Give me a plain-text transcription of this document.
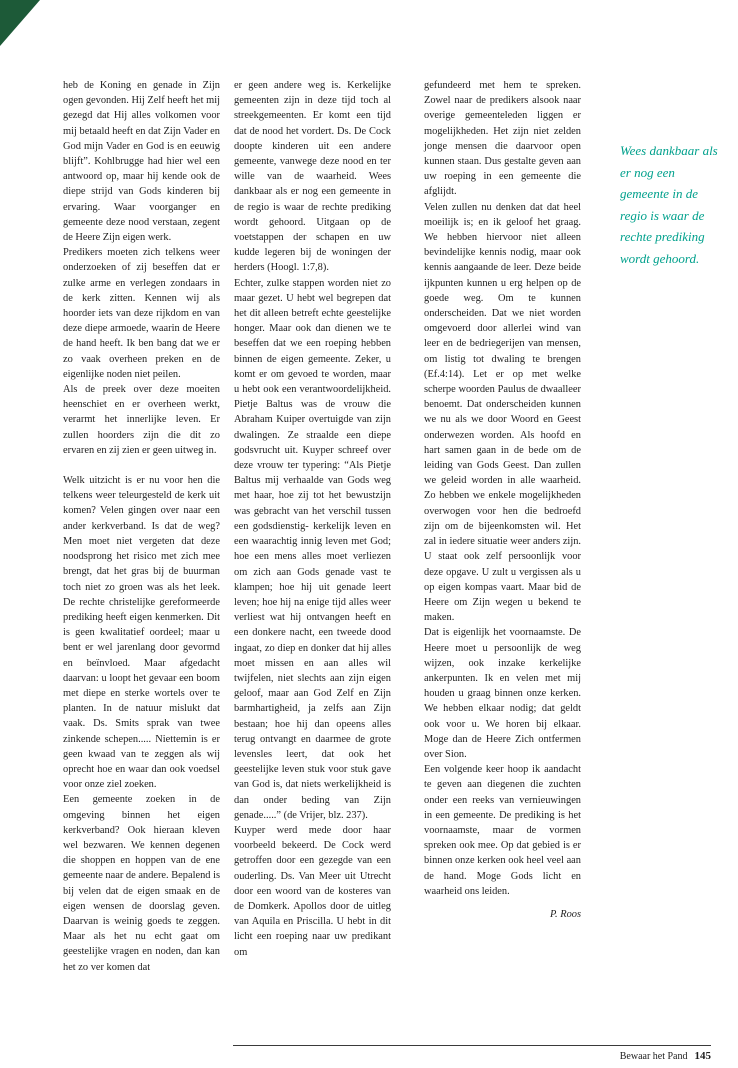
heb de Koning en genade in Zijn ogen gevonden. Hij Zelf heeft het mij gezegd dat Hij alles volkomen voor mij betaald heeft en dat Zijn Vader en God mijn Vader en God is en eeuwig blijft”. Kohlbrugge had hier wel een antwoord op, maar hij kende ook de diepe strijd van Gods kinderen bij ervaring. Waar voorganger en gemeente deze nood verstaan, zegent de Heere Zijn eigen werk.

Predikers moeten zich telkens weer onderzoeken of zij beseffen dat er zulke arme en verlegen zondaars in de kerk zitten. Kennen wij als hoorder iets van deze rijkdom en van deze diepe armoede, waarin de Heere de hand heeft. Ik ben bang dat we er zo vaak overheen preken en de eigenlijke noden niet peilen.

Als de preek over deze moeiten heenschiet en er overheen werkt, verarmt het innerlijke leven. Er zullen hoorders zijn die dit zo ervaren en zij zien er geen uitweg in.

Welk uitzicht is er nu voor hen die telkens weer teleurgesteld de kerk uit komen? Velen gingen over naar een ander kerkverband. Is dat de weg? Men moet niet vergeten dat deze noodsprong het risico met zich mee brengt, dat het gras bij de buurman toch niet zo groen was als het leek. De rechte christelijke gereformeerde prediking heeft eigen kenmerken. Dit is geen kwalitatief oordeel; maar u bent er wel jarenlang door gevormd en beïnvloed. Maar afgedacht daarvan: u loopt het gevaar een boom met diepe en sterke wortels over te planten. In de natuur mislukt dat vaak. Ds. Smits sprak van twee zinkende schepen..... Niettemin is er geen kwaad van te zeggen als wij oprecht hoe en waar dan ook voedsel voor onze ziel zoeken.

Een gemeente zoeken in de omgeving binnen het eigen kerkverband? Ook hieraan kleven wel bezwaren. We kennen degenen die shoppen en hoppen van de ene gemeente naar de andere. Bepalend is bij velen dat de eigen smaak en de eigen wensen de doorslag geven. Daarvan is weinig goeds te zeggen. Maar als het nu echt gaat om geestelijke vragen en noden, dan kan het zo ver komen dat

er geen andere weg is. Kerkelijke gemeenten zijn in deze tijd toch al streekgemeenten. Er komt een tijd dat de nood het vordert. Ds. De Cock doopte kinderen uit een andere gemeente, vanwege deze nood en ter wille van de waarheid. Wees dankbaar als er nog een gemeente in de regio is waar de rechte prediking wordt gehoord. Uitgaan op de voetstappen der schapen en uw kudde legeren bij de woningen der herders (Hoogl. 1:7,8).

Echter, zulke stappen worden niet zo maar gezet. U hebt wel begrepen dat het dit alleen betreft echte geestelijke honger. Maar ook dan dienen we te beseffen dat we een roeping hebben binnen de eigen gemeente. Zeker, u komt er om gevoed te worden, maar u hebt ook een verantwoordelijkheid. Pietje Baltus was de vrouw die Abraham Kuiper overtuigde van zijn dwalingen. Ze straalde een diepe godsvrucht uit. Kuyper schreef over deze vrouw ter typering: “Als Pietje Baltus mij verhaalde van Gods weg met haar, hoe zij tot het bewustzijn was gebracht van het verschil tussen een godsdienstig- kerkelijk leven en een waarachtig innig leven met God; hoe een mens alles moet verliezen om zich aan Gods genade vast te klampen; hoe hij uit genade leert leven; hoe hij na enige tijd alles weer verliest wat hij ontvangen heeft en een donkere nacht, een tweede dood ingaat, zo diep en donker dat hij alles moet missen en aan alles wil twijfelen, niet slechts aan zijn eigen geloof, maar aan God Zelf en Zijn barmhartigheid, ja zelfs aan Zijn bestaan; hoe hij dan opeens alles terug ontvangt en daarmee de grote levensles leert, dat ook het geestelijke leven stuk voor stuk gave van God is, dat niets werkelijkheid is dan onder beding van Zijn genade.....” (de Vrijer, blz. 237).

Kuyper werd mede door haar voorbeeld bekeerd. De Cock werd getroffen door een gezegde van een ouderling. Ds. Van Meer uit Utrecht door een woord van de kosteres van de Domkerk. Apollos door de uitleg van Aquila en Priscilla. U hebt in dit licht een roeping naar uw predikant om

gefundeerd met hem te spreken. Zowel naar de predikers alsook naar overige gemeenteleden liggen er mogelijkheden. Het zijn niet zelden jonge mensen die daarvoor open kunnen staan. Dus gestalte geven aan uw roeping in een gemeente die afglijdt.

Velen zullen nu denken dat dat heel moeilijk is; en ik geloof het graag. We hebben hiervoor niet alleen bevindelijke kennis nodig, maar ook kennis aangaande de leer. Deze beide ijkpunten kunnen u erg helpen op de goede weg. Om te kunnen onderscheiden. Dat we niet worden omgevoerd door allerlei wind van leer en de bedriegerijen van mensen, om listig tot dwaling te brengen (Ef.4:14). Let er op met welke scherpe woorden Paulus de dwaalleer benoemt. Dat onderscheiden kunnen we nu als we door Woord en Geest onderwezen worden. Als hoofd en hart samen gaan in de bede om de leiding van Gods Geest. Dan zullen we geleid worden in alle waarheid. Zo hebben we enkele mogelijkheden overwogen voor hen die bedroefd zijn om de bijeenkomsten wil. Het zal in iedere situatie weer anders zijn. U staat ook zelf persoonlijk voor deze opgave. U zult u vergissen als u op eigen kompas vaart. Maar bid de Heere om Zijn wegen u bekend te maken.

Dat is eigenlijk het voornaamste. De Heere moet u persoonlijk de weg wijzen, ook inzake kerkelijke ankerpunten. Ik en velen met mij houden u graag binnen onze kerken. We hebben elkaar nodig; dat geldt ook voor u. We horen bij elkaar. Moge dan de Heere Zich ontfermen over Sion.

Een volgende keer hoop ik aandacht te geven aan diegenen die zuchten onder een reeks van vernieuwingen in een gemeente. De prediking is het voornaamste, maar de vormen spreken ook mee. Op dat gebied is er binnen onze kerken ook heel veel aan de hand. Moge Gods licht en waarheid ons leiden.

P. Roos

Wees dankbaar als er nog een gemeente in de regio is waar de rechte prediking wordt gehoord.
Bewaar het Pand 145
